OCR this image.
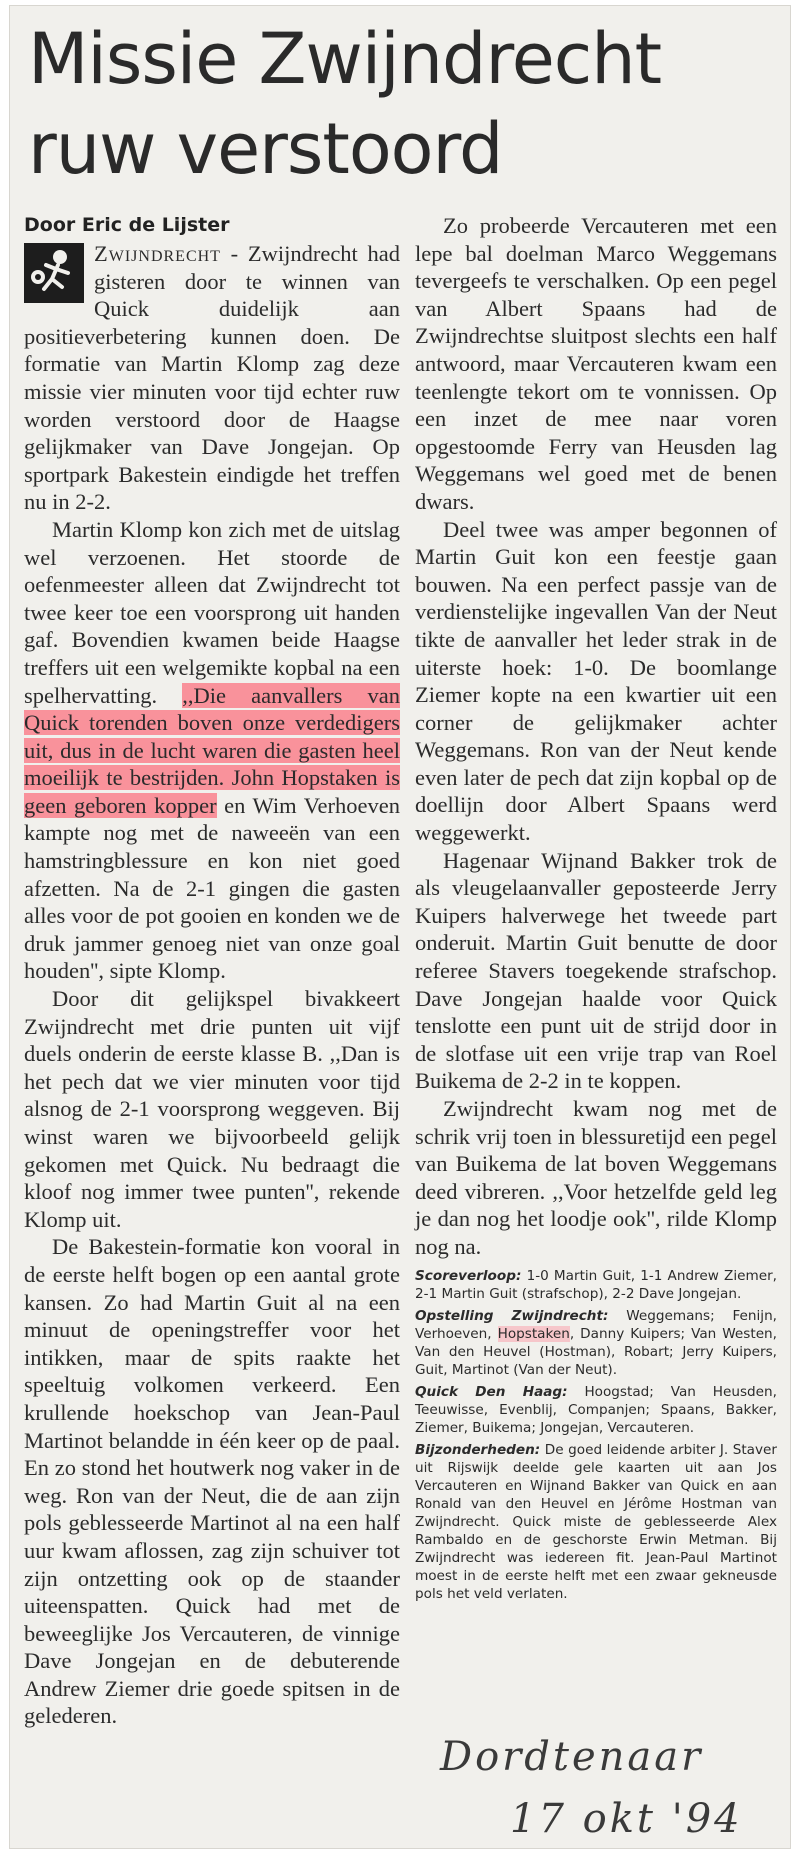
Missie Zwijndrecht
ruw verstoord
Door Eric de Lijster

Zwijndrecht - Zwijndrecht had gisteren door te winnen van Quick duidelijk aan positieverbetering kunnen doen. De formatie van Martin Klomp zag deze missie vier minuten voor tijd echter ruw worden verstoord door de Haagse gelijkmaker van Dave Jongejan. Op sportpark Bakestein eindigde het treffen nu in 2-2.

Martin Klomp kon zich met de uitslag wel verzoenen. Het stoorde de oefenmeester alleen dat Zwijndrecht tot twee keer toe een voorsprong uit handen gaf. Bovendien kwamen beide Haagse treffers uit een welgemikte kopbal na een spelhervatting. ,,Die aanvallers van Quick torenden boven onze verdedigers uit, dus in de lucht waren die gasten heel moeilijk te bestrijden. John Hopstaken is geen geboren kopper en Wim Verhoeven kampte nog met de naweeën van een hamstringblessure en kon niet goed afzetten. Na de 2-1 gingen die gasten alles voor de pot gooien en konden we de druk jammer genoeg niet van onze goal houden'', sipte Klomp.

Door dit gelijkspel bivakkeert Zwijndrecht met drie punten uit vijf duels onderin de eerste klasse B. ,,Dan is het pech dat we vier minuten voor tijd alsnog de 2-1 voorsprong weggeven. Bij winst waren we bijvoorbeeld gelijk gekomen met Quick. Nu bedraagt die kloof nog immer twee punten'', rekende Klomp uit.

De Bakestein-formatie kon vooral in de eerste helft bogen op een aantal grote kansen. Zo had Martin Guit al na een minuut de openingstreffer voor het intikken, maar de spits raakte het speeltuig volkomen verkeerd. Een krullende hoekschop van Jean-Paul Martinot belandde in één keer op de paal. En zo stond het houtwerk nog vaker in de weg. Ron van der Neut, die de aan zijn pols geblesseerde Martinot al na een half uur kwam aflossen, zag zijn schuiver tot zijn ontzetting ook op de staander uiteenspatten. Quick had met de beweeglijke Jos Vercauteren, de vinnige Dave Jongejan en de debuterende Andrew Ziemer drie goede spitsen in de gelederen.

Zo probeerde Vercauteren met een lepe bal doelman Marco Weggemans tevergeefs te verschalken. Op een pegel van Albert Spaans had de Zwijndrechtse sluitpost slechts een half antwoord, maar Vercauteren kwam een teenlengte tekort om te vonnissen. Op een inzet de mee naar voren opgestoomde Ferry van Heusden lag Weggemans wel goed met de benen dwars.

Deel twee was amper begonnen of Martin Guit kon een feestje gaan bouwen. Na een perfect passje van de verdienstelijke ingevallen Van der Neut tikte de aanvaller het leder strak in de uiterste hoek: 1-0. De boomlange Ziemer kopte na een kwartier uit een corner de gelijkmaker achter Weggemans. Ron van der Neut kende even later de pech dat zijn kopbal op de doellijn door Albert Spaans werd weggewerkt.

Hagenaar Wijnand Bakker trok de als vleugelaanvaller geposteerde Jerry Kuipers halverwege het tweede part onderuit. Martin Guit benutte de door referee Stavers toegekende strafschop. Dave Jongejan haalde voor Quick tenslotte een punt uit de strijd door in de slotfase uit een vrije trap van Roel Buikema de 2-2 in te koppen.

Zwijndrecht kwam nog met de schrik vrij toen in blessuretijd een pegel van Buikema de lat boven Weggemans deed vibreren. ,,Voor hetzelfde geld leg je dan nog het loodje ook'', rilde Klomp nog na.

Scoreverloop: 1-0 Martin Guit, 1-1 Andrew Ziemer, 2-1 Martin Guit (strafschop), 2-2 Dave Jongejan.

Opstelling Zwijndrecht: Weggemans; Fenijn, Verhoeven, Hopstaken, Danny Kuipers; Van Westen, Van den Heuvel (Hostman), Robart; Jerry Kuipers, Guit, Martinot (Van der Neut).

Quick Den Haag: Hoogstad; Van Heusden, Teeuwisse, Evenblij, Companjen; Spaans, Bakker, Ziemer, Buikema; Jongejan, Vercauteren.

Bijzonderheden: De goed leidende arbiter J. Staver uit Rijswijk deelde gele kaarten uit aan Jos Vercauteren en Wijnand Bakker van Quick en aan Ronald van den Heuvel en Jérôme Hostman van Zwijndrecht. Quick miste de geblesseerde Alex Rambaldo en de geschorste Erwin Metman. Bij Zwijndrecht was iedereen fit. Jean-Paul Martinot moest in de eerste helft met een zwaar gekneusde pols het veld verlaten.

Dordtenaar
17 okt '94
